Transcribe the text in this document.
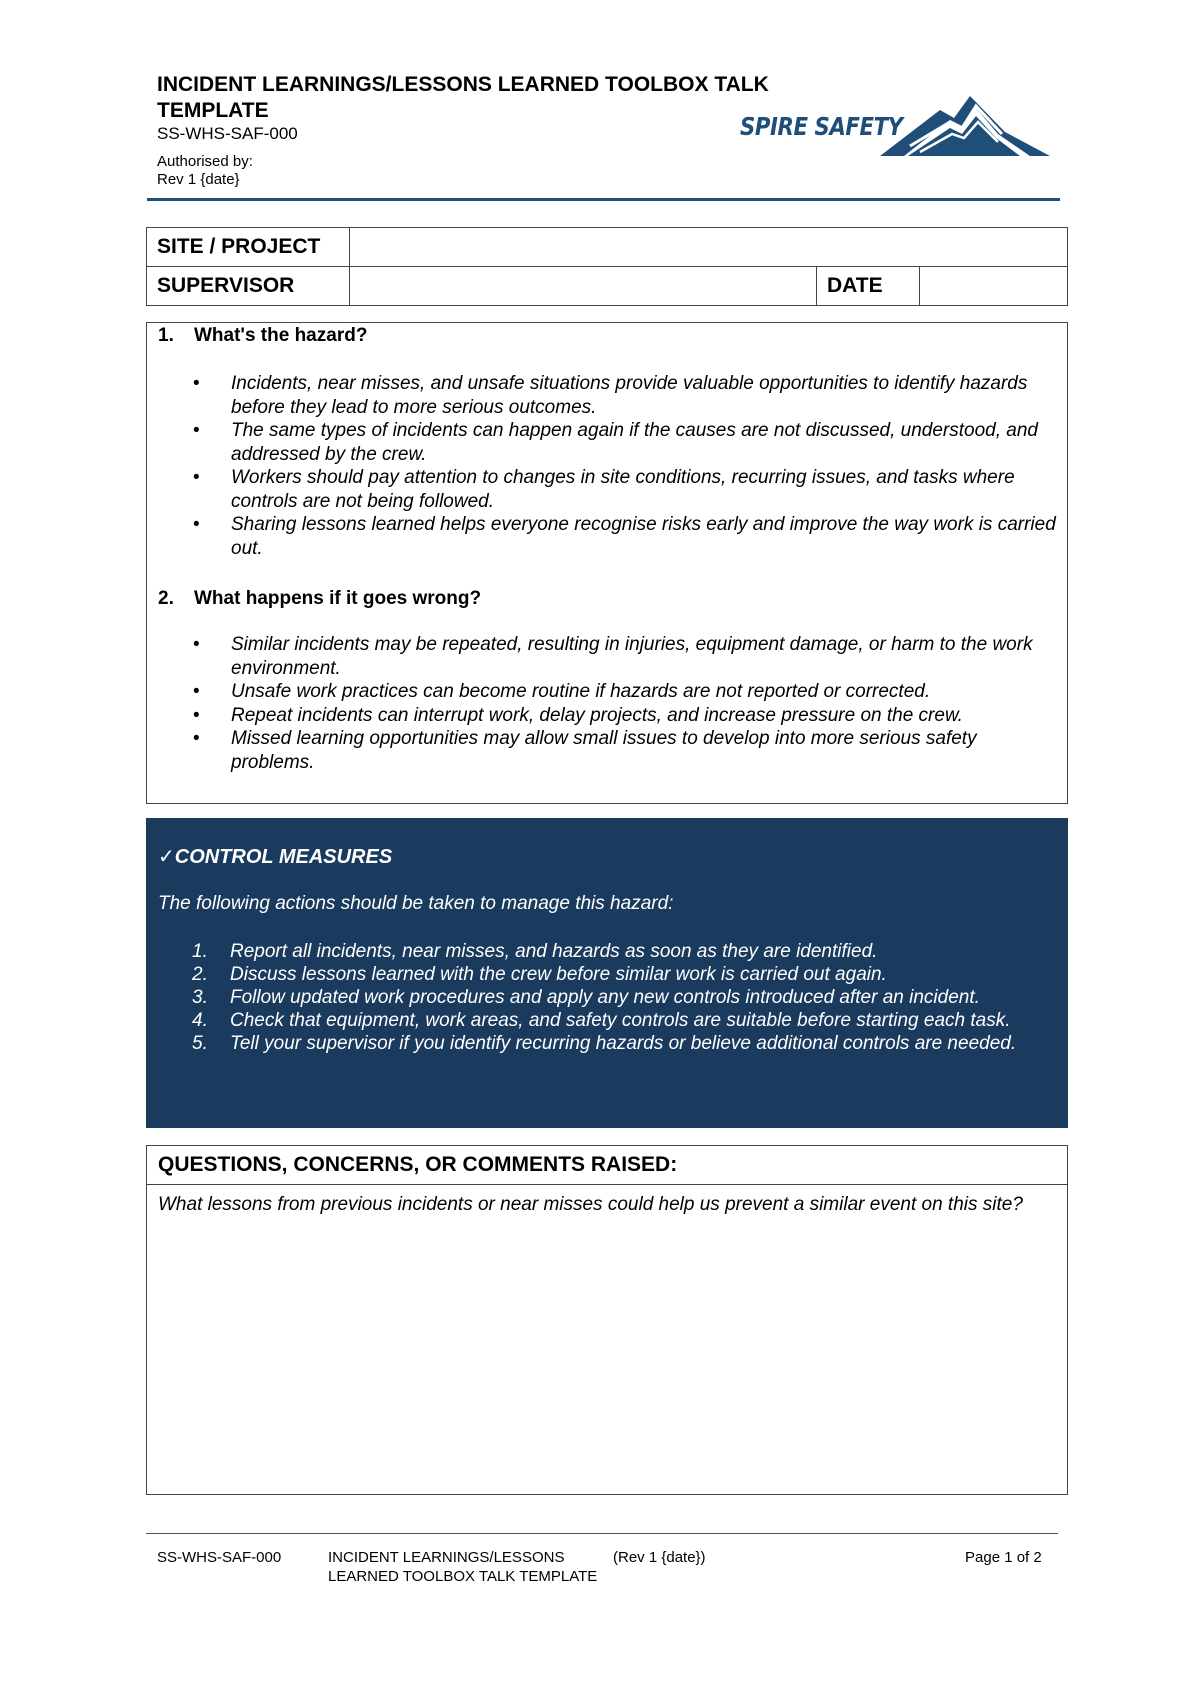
INCIDENT LEARNINGS/LESSONS LEARNED TOOLBOX TALK TEMPLATE
SS-WHS-SAF-000
Authorised by:
Rev 1 {date}
SPIRE SAFETY
SITE / PROJECT			
SUPERVISOR		DATE	
1. What's the hazard?
• Incidents, near misses, and unsafe situations provide valuable opportunities to identify hazards before they lead to more serious outcomes.
• The same types of incidents can happen again if the causes are not discussed, understood, and addressed by the crew.
• Workers should pay attention to changes in site conditions, recurring issues, and tasks where controls are not being followed.
• Sharing lessons learned helps everyone recognise risks early and improve the way work is carried out.
2. What happens if it goes wrong?
• Similar incidents may be repeated, resulting in injuries, equipment damage, or harm to the work environment.
• Unsafe work practices can become routine if hazards are not reported or corrected.
• Repeat incidents can interrupt work, delay projects, and increase pressure on the crew.
• Missed learning opportunities may allow small issues to develop into more serious safety problems.
✓CONTROL MEASURES
The following actions should be taken to manage this hazard:
1. Report all incidents, near misses, and hazards as soon as they are identified.
2. Discuss lessons learned with the crew before similar work is carried out again.
3. Follow updated work procedures and apply any new controls introduced after an incident.
4. Check that equipment, work areas, and safety controls are suitable before starting each task.
5. Tell your supervisor if you identify recurring hazards or believe additional controls are needed.
QUESTIONS, CONCERNS, OR COMMENTS RAISED:
What lessons from previous incidents or near misses could help us prevent a similar event on this site?
SS-WHS-SAF-000	INCIDENT LEARNINGS/LESSONS LEARNED TOOLBOX TALK TEMPLATE
(Rev 1 {date})	Page 1 of 2
